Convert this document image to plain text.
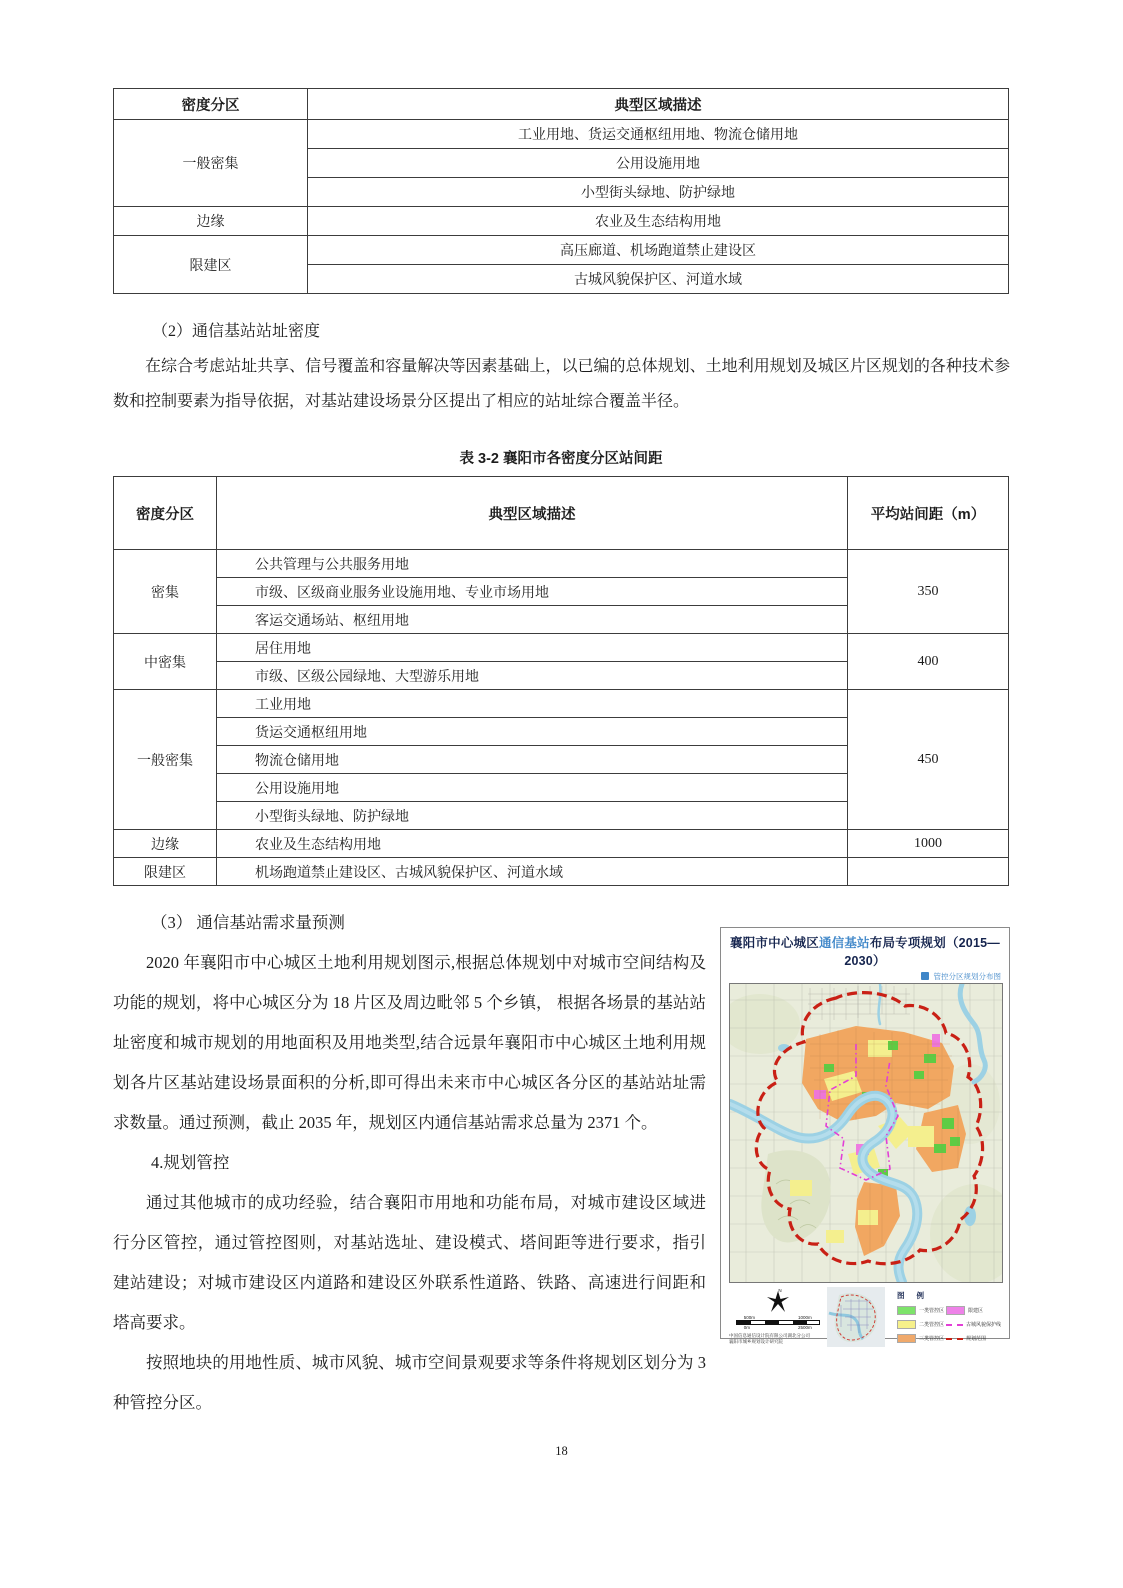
密度分区	典型区域描述
一般密集	工业用地、货运交通枢纽用地、物流仓储用地
	公用设施用地
	小型街头绿地、防护绿地
边缘	农业及生态结构用地
限建区	高压廊道、机场跑道禁止建设区
	古城风貌保护区、河道水域

（2）通信基站站址密度

在综合考虑站址共享、信号覆盖和容量解决等因素基础上，以已编的总体规划、土地利用规划及城区片区规划的各种技术参数和控制要素为指导依据，对基站建设场景分区提出了相应的站址综合覆盖半径。

表 3-2 襄阳市各密度分区站间距
密度分区	典型区域描述	平均站间距（m）
密集	公共管理与公共服务用地	350
	市级、区级商业服务业设施用地、专业市场用地	
	客运交通场站、枢纽用地	
中密集	居住用地	400
	市级、区级公园绿地、大型游乐用地	
一般密集	工业用地	450
	货运交通枢纽用地	
	物流仓储用地	
	公用设施用地	
	小型街头绿地、防护绿地	
边缘	农业及生态结构用地	1000
限建区	机场跑道禁止建设区、古城风貌保护区、河道水域	
襄阳市中心城区通信基站布局专项规划（2015—2030）
管控分区规划分布图
N
500m	1000m
0m	2500m
中国信息通信设计院有限公司湖北分公司
襄阳市城乡规划设计研究院
图 例
一类管控区
二类管控区
三类管控区
限建区
古城风貌保护线
规划范围

（3） 通信基站需求量预测

2020 年襄阳市中心城区土地利用规划图示,根据总体规划中对城市空间结构及功能的规划，将中心城区分为 18 片区及周边毗邻 5 个乡镇， 根据各场景的基站站址密度和城市规划的用地面积及用地类型,结合远景年襄阳市中心城区土地利用规划各片区基站建设场景面积的分析,即可得出未来市中心城区各分区的基站站址需求数量。通过预测，截止 2035 年，规划区内通信基站需求总量为 2371 个。

4.规划管控

通过其他城市的成功经验，结合襄阳市用地和功能布局，对城市建设区域进行分区管控，通过管控图则，对基站选址、建设模式、塔间距等进行要求，指引建站建设；对城市建设区内道路和建设区外联系性道路、铁路、高速进行间距和塔高要求。

按照地块的用地性质、城市风貌、城市空间景观要求等条件将规划区划分为 3 种管控分区。

18
